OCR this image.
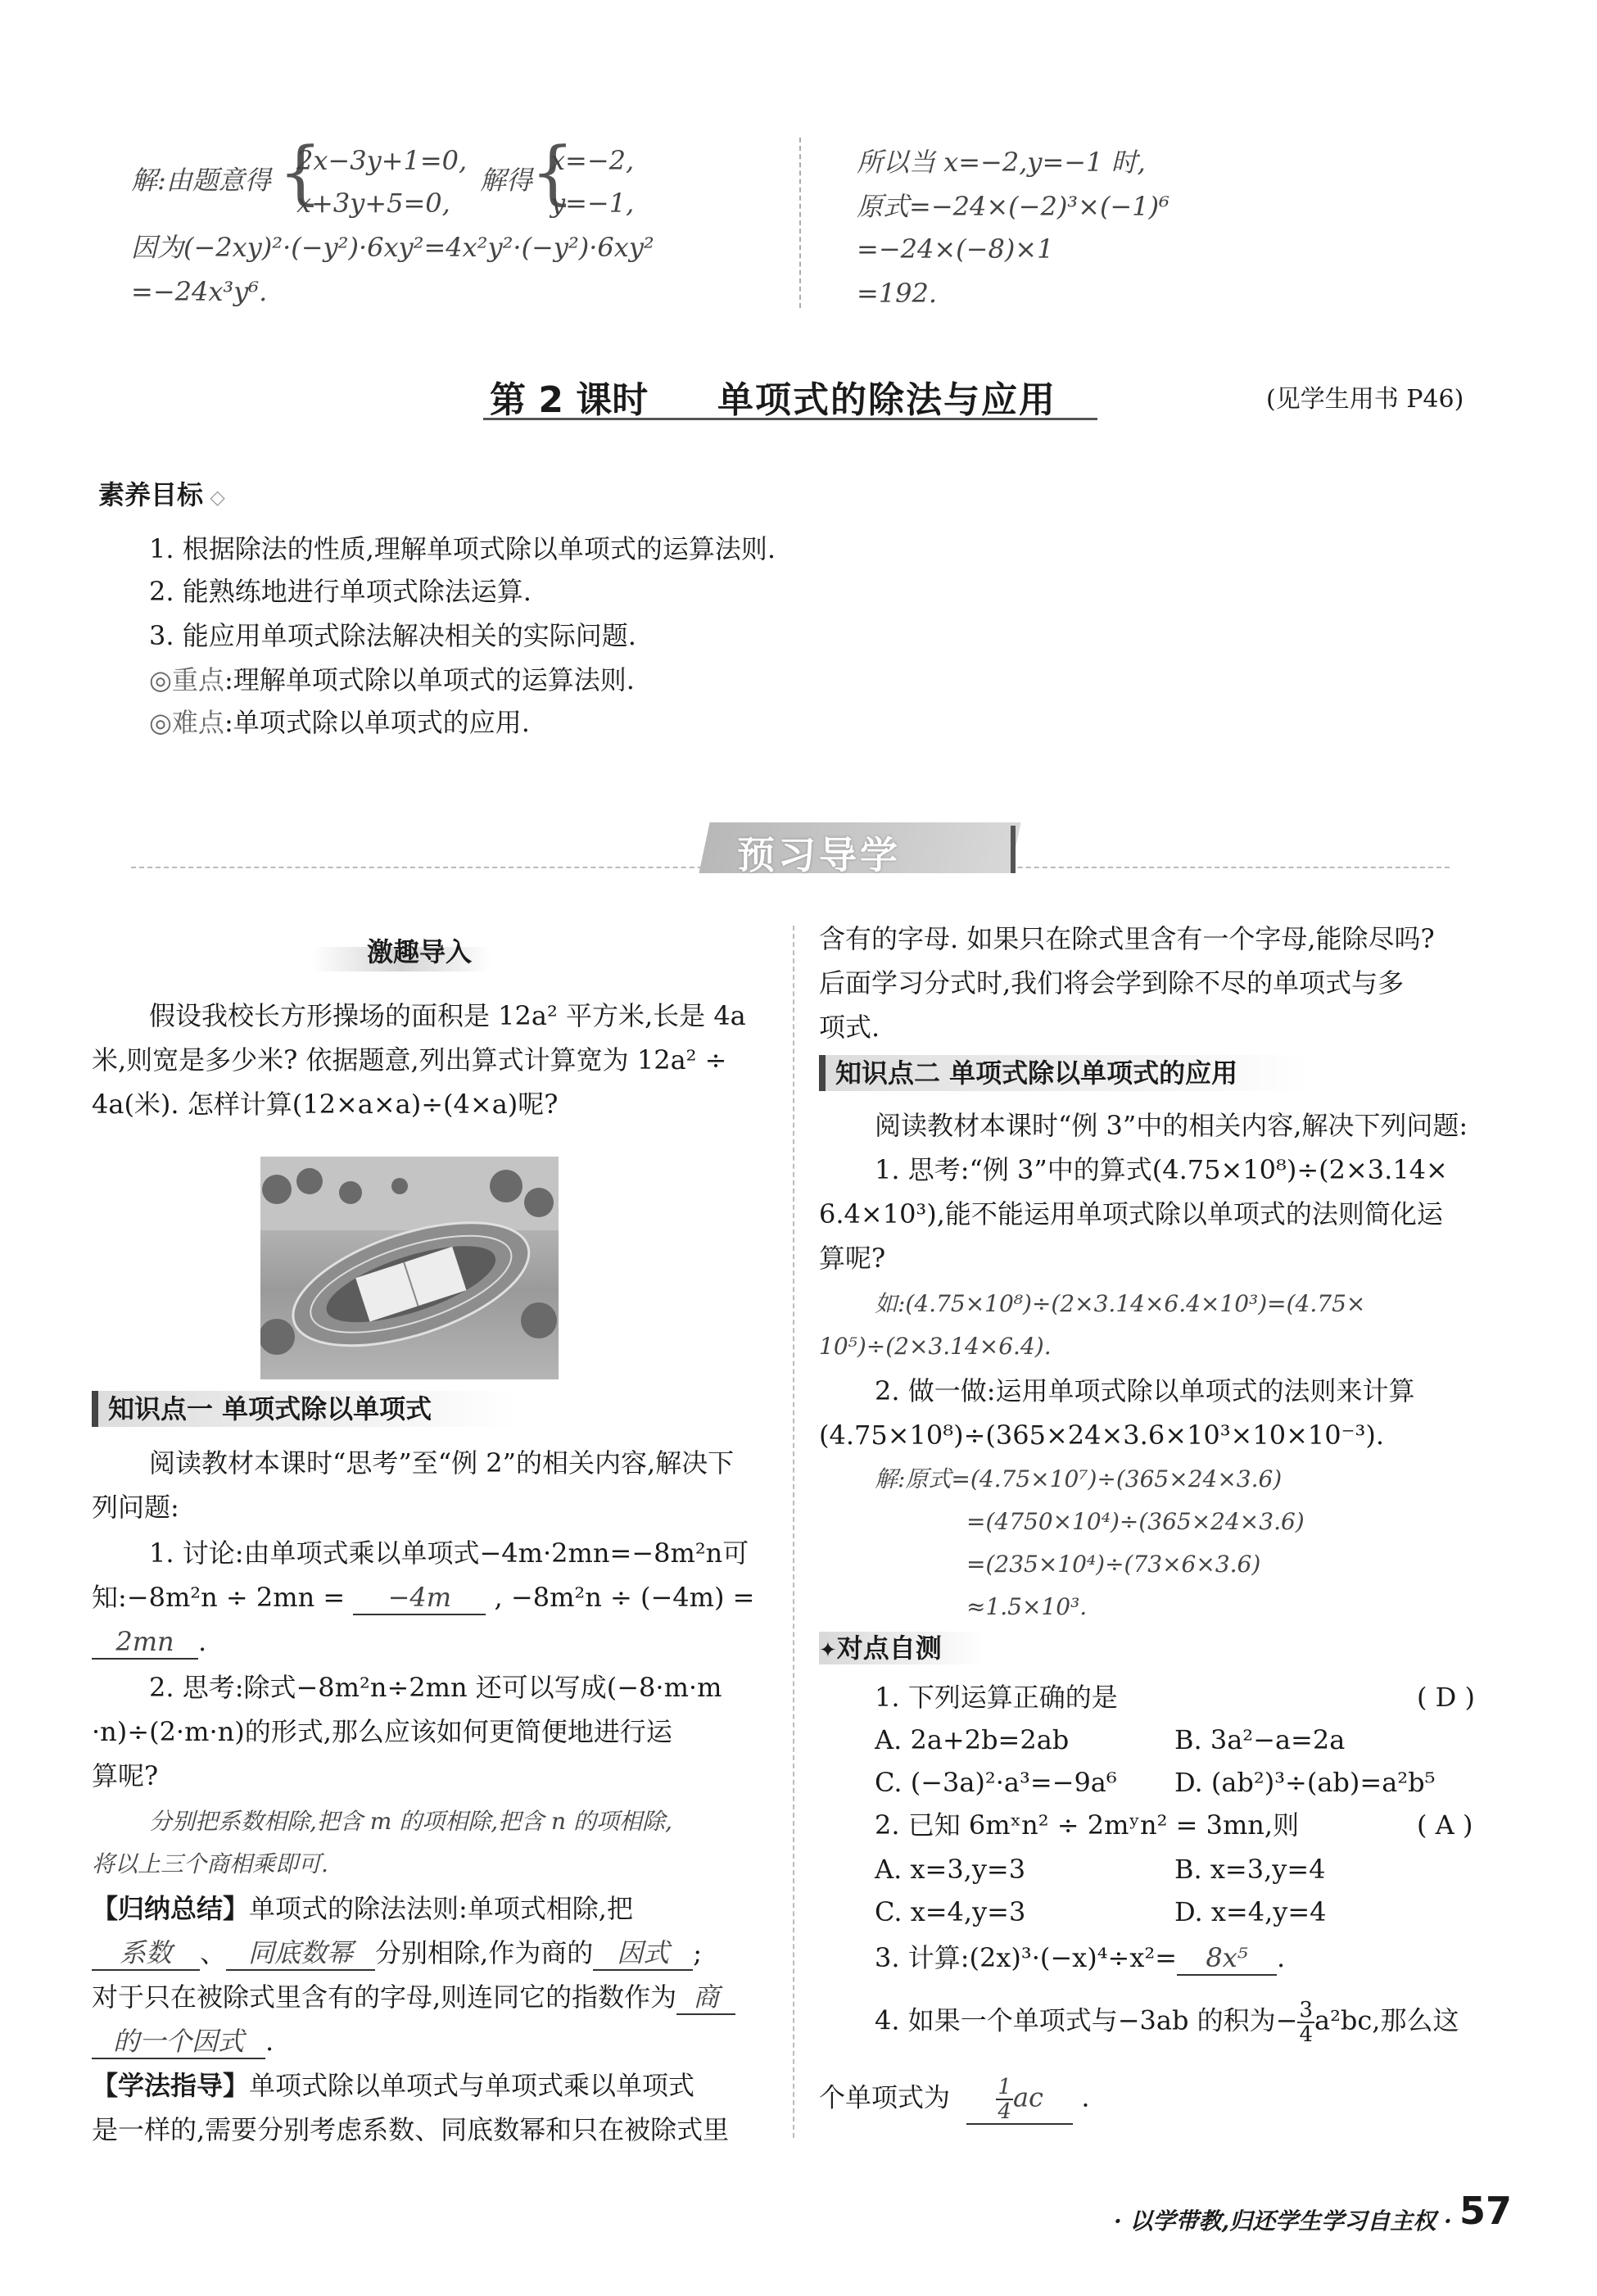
解:由题意得 {
2x−3y+1=0,
x+3y+5=0,
解得
{
x=−2,
y=−1,
因为(−2xy)²·(−y²)·6xy²=4x²y²·(−y²)·6xy²
=−24x³y⁶.
所以当 x=−2,y=−1 时,
原式=−24×(−2)³×(−1)⁶
=−24×(−8)×1
=192.
第 2 课时 单项式的除法与应用	(见学生用书 P46)
素养目标 ◇
1. 根据除法的性质,理解单项式除以单项式的运算法则.
2. 能熟练地进行单项式除法运算.
3. 能应用单项式除法解决相关的实际问题.
◎重点:理解单项式除以单项式的运算法则.
◎难点:单项式除以单项式的应用.
预习导学
激趣导入
假设我校长方形操场的面积是 12a² 平方米,长是 4a
米,则宽是多少米? 依据题意,列出算式计算宽为 12a² ÷
4a(米). 怎样计算(12×a×a)÷(4×a)呢?
知识点一 单项式除以单项式
阅读教材本课时“思考”至“例 2”的相关内容,解决下
列问题:
1. 讨论:由单项式乘以单项式−4m·2mn=−8m²n可
知:−8m²n ÷ 2mn = −4m , −8m²n ÷ (−4m) =
2mn .
2. 思考:除式−8m²n÷2mn 还可以写成(−8·m·m
·n)÷(2·m·n)的形式,那么应该如何更简便地进行运
算呢?
分别把系数相除,把含 m 的项相除,把含 n 的项相除,
将以上三个商相乘即可.
【归纳总结】单项式的除法法则:单项式相除,把
系数 、 同底数幂 分别相除,作为商的 因式 ;
对于只在被除式里含有的字母,则连同它的指数作为 商
的一个因式 .
【学法指导】单项式除以单项式与单项式乘以单项式
是一样的,需要分别考虑系数、同底数幂和只在被除式里
含有的字母. 如果只在除式里含有一个字母,能除尽吗?
后面学习分式时,我们将会学到除不尽的单项式与多
项式.
知识点二 单项式除以单项式的应用
阅读教材本课时“例 3”中的相关内容,解决下列问题:
1. 思考:“例 3”中的算式(4.75×10⁸)÷(2×3.14×
6.4×10³),能不能运用单项式除以单项式的法则简化运
算呢?
如:(4.75×10⁸)÷(2×3.14×6.4×10³)=(4.75×
10⁵)÷(2×3.14×6.4).
2. 做一做:运用单项式除以单项式的法则来计算
(4.75×10⁸)÷(365×24×3.6×10³×10×10⁻³).
解:原式=(4.75×10⁷)÷(365×24×3.6)
=(4750×10⁴)÷(365×24×3.6)
=(235×10⁴)÷(73×6×3.6)
≈1.5×10³.
✦对点自测
1. 下列运算正确的是	( D )
A. 2a+2b=2ab	B. 3a²−a=2a
C. (−3a)²·a³=−9a⁶ D. (ab²)³÷(ab)=a²b⁵
2. 已知 6mˣn² ÷ 2mʸn² = 3mn,则	( A )
A. x=3,y=3	B. x=3,y=4
C. x=4,y=3	D. x=4,y=4
3. 计算:(2x)³·(−x)⁴÷x²= 8x⁵ .
4. 如果一个单项式与−3ab 的积为− $\frac{3}{4} a^2bc$,那么这
个单项式为 $\frac{1}{4}$ ac .
· 以学带教,归还学生学习自主权 · 57
